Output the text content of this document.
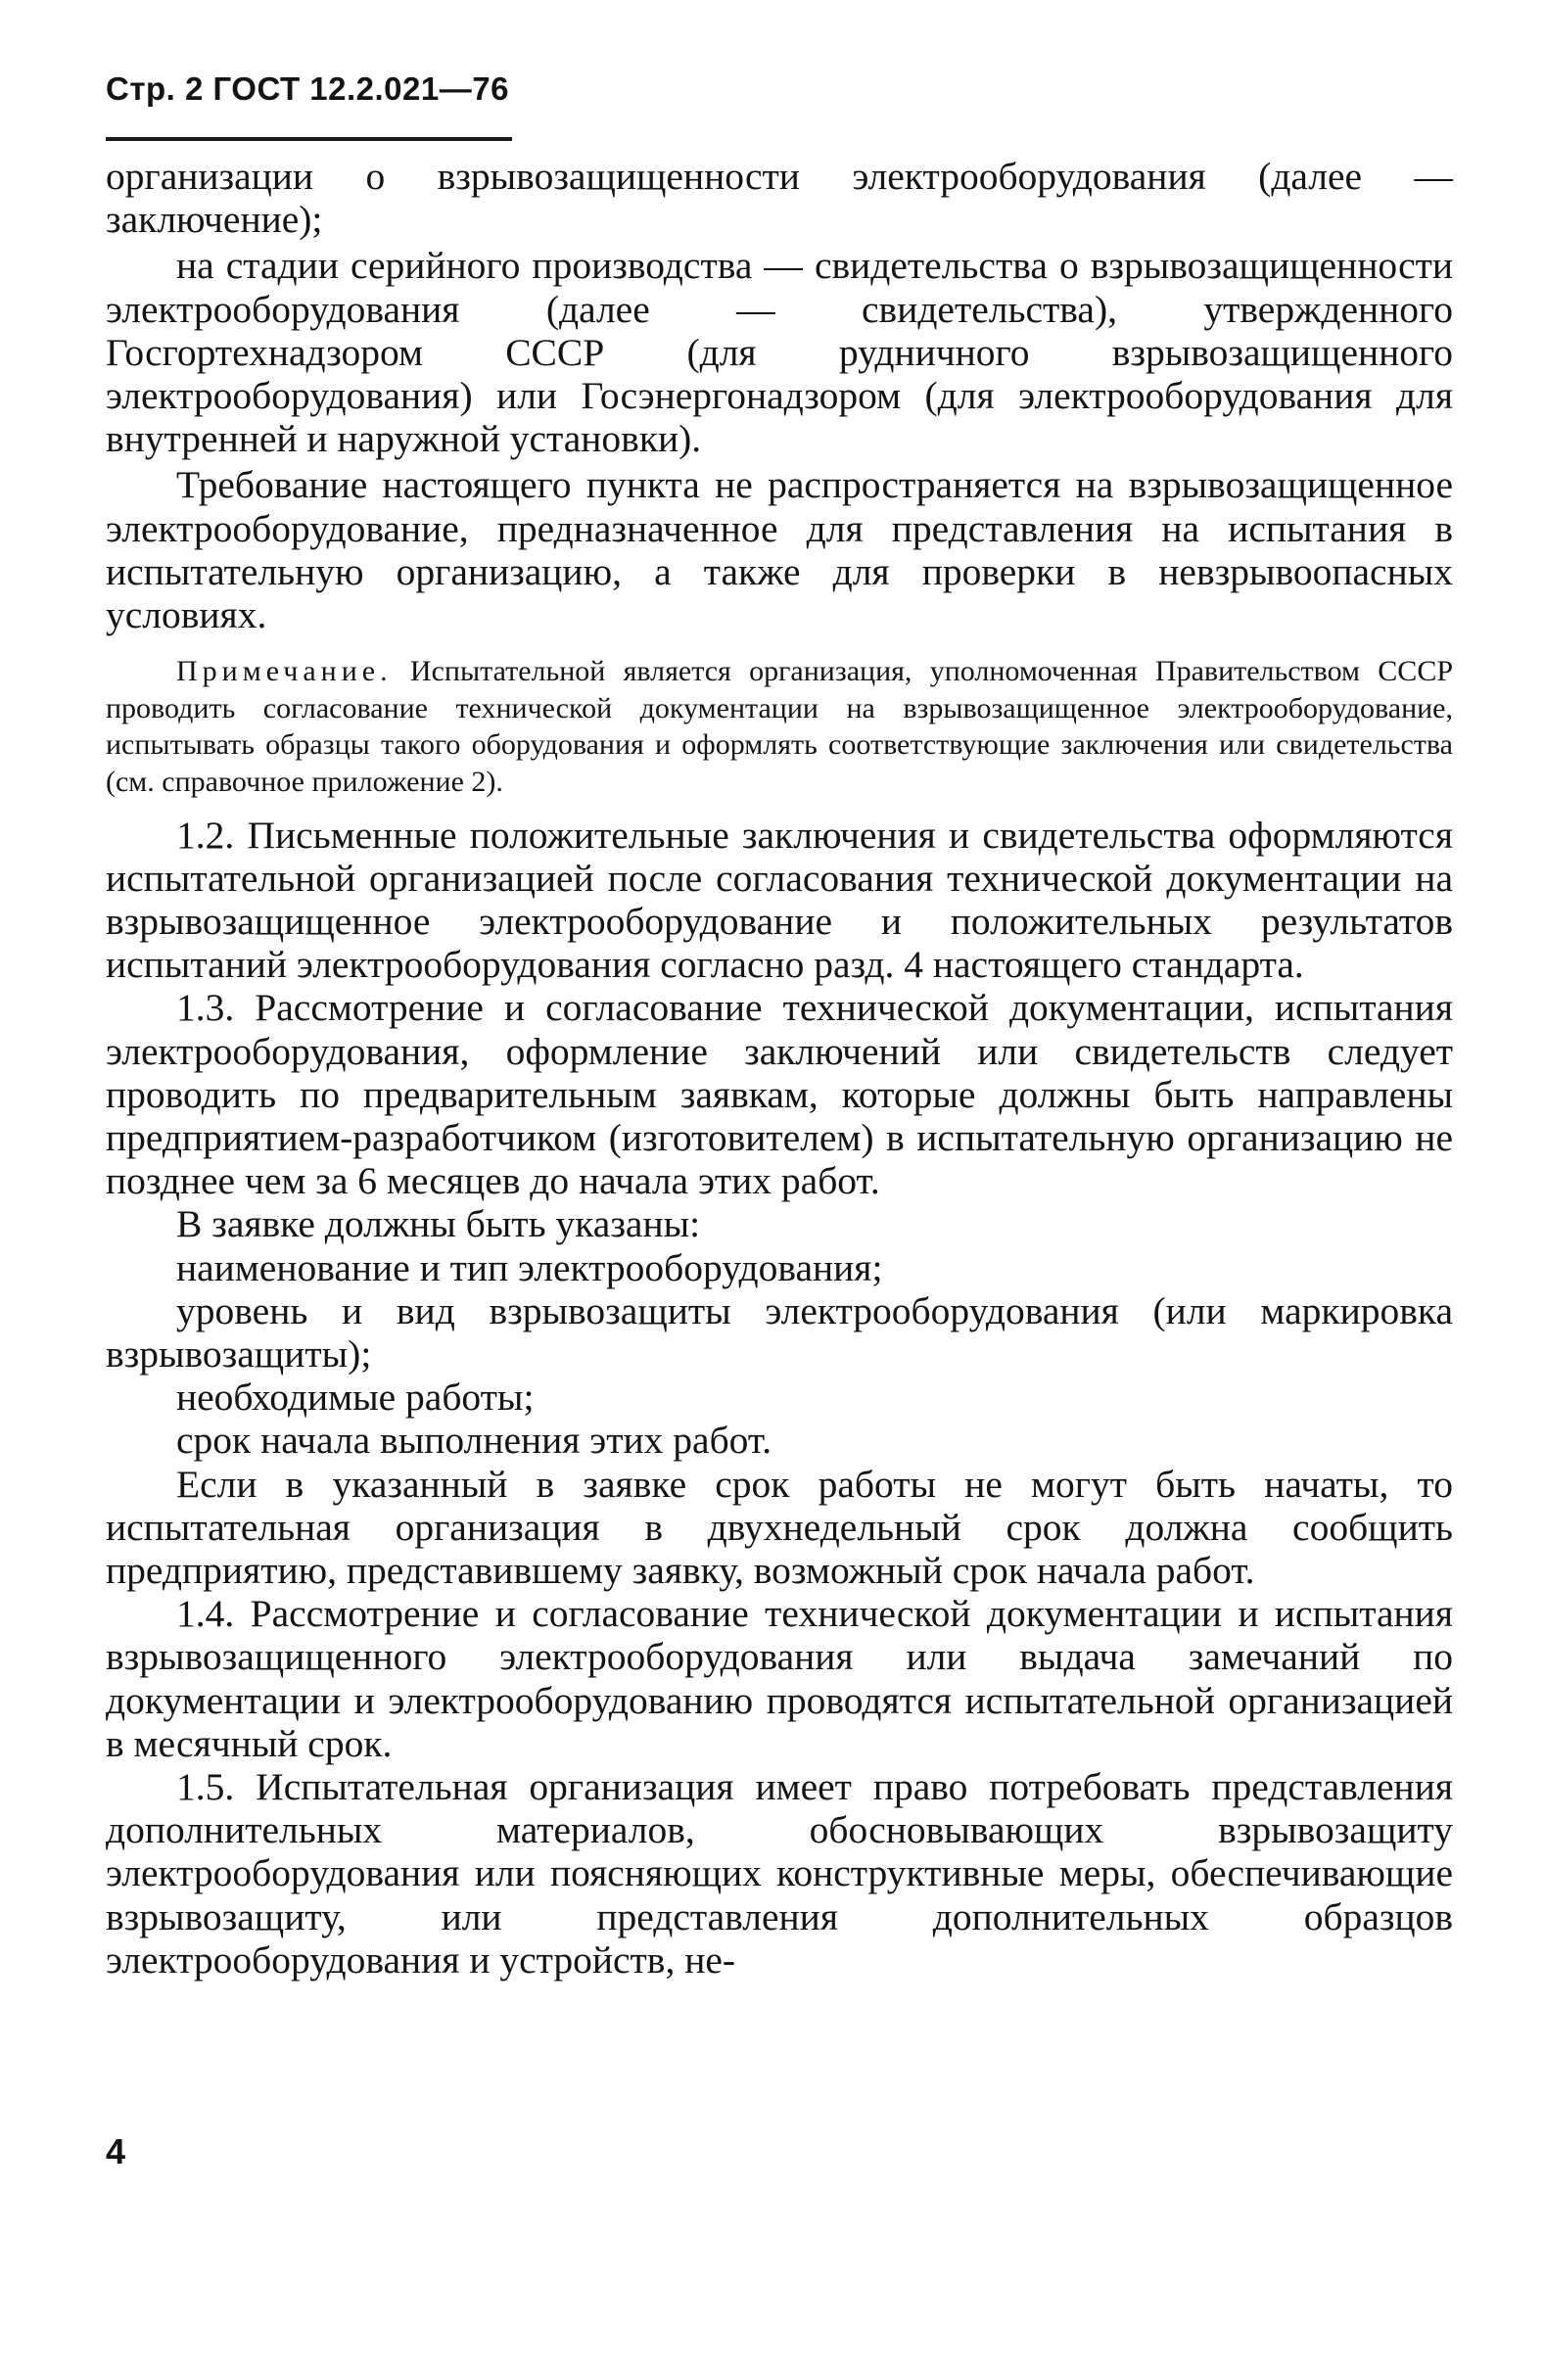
Стр. 2 ГОСТ 12.2.021—76

организации о взрывозащищенности электрооборудования (далее — заключение);

на стадии серийного производства — свидетельства о взрывозащищенности электрооборудования (далее — свидетельства), утвержденного Госгортехнадзором СССР (для рудничного взрывозащищенного электрооборудования) или Госэнергонадзором (для электрооборудования для внутренней и наружной установки).

Требование настоящего пункта не распространяется на взрывозащищенное электрооборудование, предназначенное для представления на испытания в испытательную организацию, а также для проверки в невзрывоопасных условиях.

Примечание. Испытательной является организация, уполномоченная Правительством СССР проводить согласование технической документации на взрывозащищенное электрооборудование, испытывать образцы такого оборудования и оформлять соответствующие заключения или свидетельства (см. справочное приложение 2).

1.2. Письменные положительные заключения и свидетельства оформляются испытательной организацией после согласования технической документации на взрывозащищенное электрооборудование и положительных результатов испытаний электрооборудования согласно разд. 4 настоящего стандарта.

1.3. Рассмотрение и согласование технической документации, испытания электрооборудования, оформление заключений или свидетельств следует проводить по предварительным заявкам, которые должны быть направлены предприятием-разработчиком (изготовителем) в испытательную организацию не позднее чем за 6 месяцев до начала этих работ.

В заявке должны быть указаны:

наименование и тип электрооборудования;

уровень и вид взрывозащиты электрооборудования (или маркировка взрывозащиты);

необходимые работы;

срок начала выполнения этих работ.

Если в указанный в заявке срок работы не могут быть начаты, то испытательная организация в двухнедельный срок должна сообщить предприятию, представившему заявку, возможный срок начала работ.

1.4. Рассмотрение и согласование технической документации и испытания взрывозащищенного электрооборудования или выдача замечаний по документации и электрооборудованию проводятся испытательной организацией в месячный срок.

1.5. Испытательная организация имеет право потребовать представления дополнительных материалов, обосновывающих взрывозащиту электрооборудования или поясняющих конструктивные меры, обеспечивающие взрывозащиту, или представления дополнительных образцов электрооборудования и устройств, не-

4
